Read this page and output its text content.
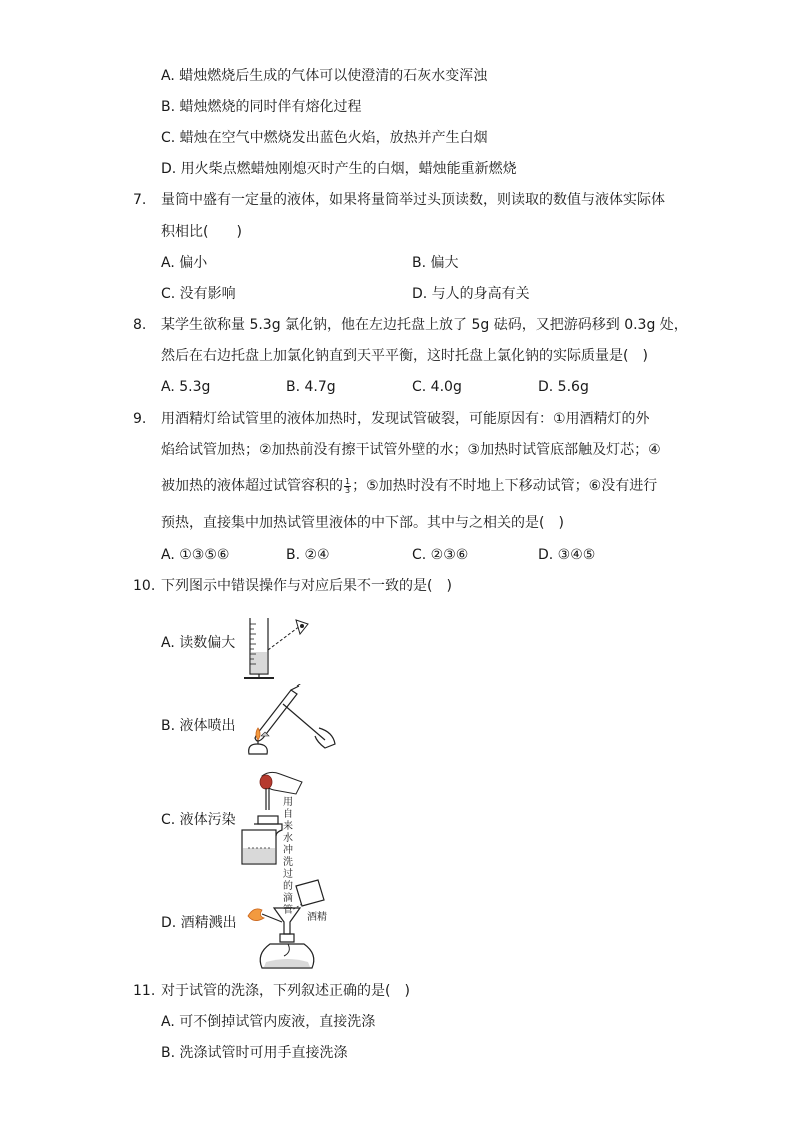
A. 蜡烛燃烧后生成的气体可以使澄清的石灰水变浑浊
B. 蜡烛燃烧的同时伴有熔化过程
C. 蜡烛在空气中燃烧发出蓝色火焰，放热并产生白烟
D. 用火柴点燃蜡烛刚熄灭时产生的白烟，蜡烛能重新燃烧
7. 量筒中盛有一定量的液体，如果将量筒举过头顶读数，则读取的数值与液体实际体
积相比(　　)
A. 偏小	B. 偏大
C. 没有影响	D. 与人的身高有关
8. 某学生欲称量 5.3g 氯化钠，他在左边托盘上放了 5g 砝码，又把游码移到 0.3g 处，
然后在右边托盘上加氯化钠直到天平平衡，这时托盘上氯化钠的实际质量是(　)
A. 5.3g	B. 4.7g	C. 4.0g	D. 5.6g
9. 用酒精灯给试管里的液体加热时，发现试管破裂，可能原因有：①用酒精灯的外
焰给试管加热；②加热前没有擦干试管外壁的水；③加热时试管底部触及灯芯；④
被加热的液体超过试管容积的 $\frac{1}{3}$ ；⑤加热时没有不时地上下移动试管；⑥没有进行
预热，直接集中加热试管里液体的中下部。其中与之相关的是(　)
A. ①③⑤⑥	B. ②④	C. ②③⑥	D. ③④⑤
10. 下列图示中错误操作与对应后果不一致的是(　)
A. 读数偏大
B. 液体喷出
C. 液体污染
用自来水冲洗过的滴管
D. 酒精溅出	酒精
11. 对于试管的洗涤，下列叙述正确的是(　)
A. 可不倒掉试管内废液，直接洗涤
B. 洗涤试管时可用手直接洗涤
